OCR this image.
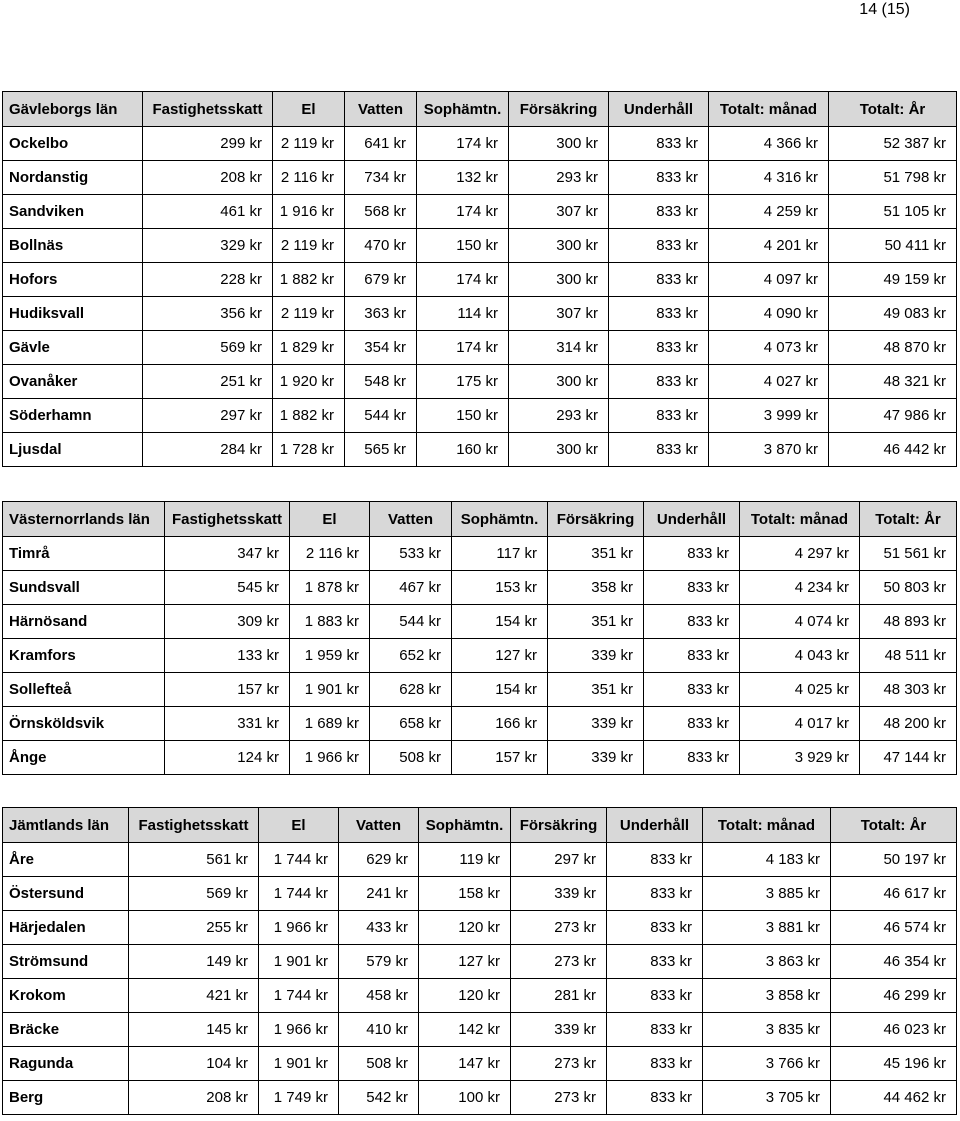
14 (15)
Gävleborgs län	Fastighetsskatt	El	Vatten	Sophämtn.	Försäkring	Underhåll	Totalt: månad	Totalt: År
Ockelbo	299 kr	2 119 kr	641 kr	174 kr	300 kr	833 kr	4 366 kr	52 387 kr
Nordanstig	208 kr	2 116 kr	734 kr	132 kr	293 kr	833 kr	4 316 kr	51 798 kr
Sandviken	461 kr	1 916 kr	568 kr	174 kr	307 kr	833 kr	4 259 kr	51 105 kr
Bollnäs	329 kr	2 119 kr	470 kr	150 kr	300 kr	833 kr	4 201 kr	50 411 kr
Hofors	228 kr	1 882 kr	679 kr	174 kr	300 kr	833 kr	4 097 kr	49 159 kr
Hudiksvall	356 kr	2 119 kr	363 kr	114 kr	307 kr	833 kr	4 090 kr	49 083 kr
Gävle	569 kr	1 829 kr	354 kr	174 kr	314 kr	833 kr	4 073 kr	48 870 kr
Ovanåker	251 kr	1 920 kr	548 kr	175 kr	300 kr	833 kr	4 027 kr	48 321 kr
Söderhamn	297 kr	1 882 kr	544 kr	150 kr	293 kr	833 kr	3 999 kr	47 986 kr
Ljusdal	284 kr	1 728 kr	565 kr	160 kr	300 kr	833 kr	3 870 kr	46 442 kr
Västernorrlands län	Fastighetsskatt	El	Vatten	Sophämtn.	Försäkring	Underhåll	Totalt: månad	Totalt: År
Timrå	347 kr	2 116 kr	533 kr	117 kr	351 kr	833 kr	4 297 kr	51 561 kr
Sundsvall	545 kr	1 878 kr	467 kr	153 kr	358 kr	833 kr	4 234 kr	50 803 kr
Härnösand	309 kr	1 883 kr	544 kr	154 kr	351 kr	833 kr	4 074 kr	48 893 kr
Kramfors	133 kr	1 959 kr	652 kr	127 kr	339 kr	833 kr	4 043 kr	48 511 kr
Sollefteå	157 kr	1 901 kr	628 kr	154 kr	351 kr	833 kr	4 025 kr	48 303 kr
Örnsköldsvik	331 kr	1 689 kr	658 kr	166 kr	339 kr	833 kr	4 017 kr	48 200 kr
Ånge	124 kr	1 966 kr	508 kr	157 kr	339 kr	833 kr	3 929 kr	47 144 kr
Jämtlands län	Fastighetsskatt	El	Vatten	Sophämtn.	Försäkring	Underhåll	Totalt: månad	Totalt: År
Åre	561 kr	1 744 kr	629 kr	119 kr	297 kr	833 kr	4 183 kr	50 197 kr
Östersund	569 kr	1 744 kr	241 kr	158 kr	339 kr	833 kr	3 885 kr	46 617 kr
Härjedalen	255 kr	1 966 kr	433 kr	120 kr	273 kr	833 kr	3 881 kr	46 574 kr
Strömsund	149 kr	1 901 kr	579 kr	127 kr	273 kr	833 kr	3 863 kr	46 354 kr
Krokom	421 kr	1 744 kr	458 kr	120 kr	281 kr	833 kr	3 858 kr	46 299 kr
Bräcke	145 kr	1 966 kr	410 kr	142 kr	339 kr	833 kr	3 835 kr	46 023 kr
Ragunda	104 kr	1 901 kr	508 kr	147 kr	273 kr	833 kr	3 766 kr	45 196 kr
Berg	208 kr	1 749 kr	542 kr	100 kr	273 kr	833 kr	3 705 kr	44 462 kr
